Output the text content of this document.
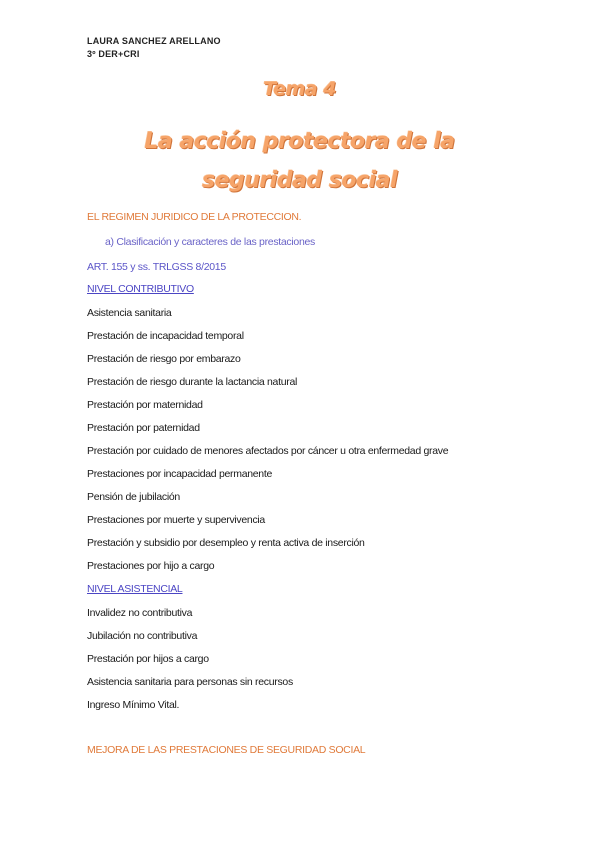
LAURA SANCHEZ ARELLANO
3º DER+CRI
Tema 4
La acción protectora de la
seguridad social
EL REGIMEN JURIDICO DE LA PROTECCION.
a) Clasificación y caracteres de las prestaciones
ART. 155 y ss. TRLGSS 8/2015
NIVEL CONTRIBUTIVO
Asistencia sanitaria
Prestación de incapacidad temporal
Prestación de riesgo por embarazo
Prestación de riesgo durante la lactancia natural
Prestación por maternidad
Prestación por paternidad
Prestación por cuidado de menores afectados por cáncer u otra enfermedad grave
Prestaciones por incapacidad permanente
Pensión de jubilación
Prestaciones por muerte y supervivencia
Prestación y subsidio por desempleo y renta activa de inserción
Prestaciones por hijo a cargo
NIVEL ASISTENCIAL
Invalidez no contributiva
Jubilación no contributiva
Prestación por hijos a cargo
Asistencia sanitaria para personas sin recursos
Ingreso Mínimo Vital.
MEJORA DE LAS PRESTACIONES DE SEGURIDAD SOCIAL
